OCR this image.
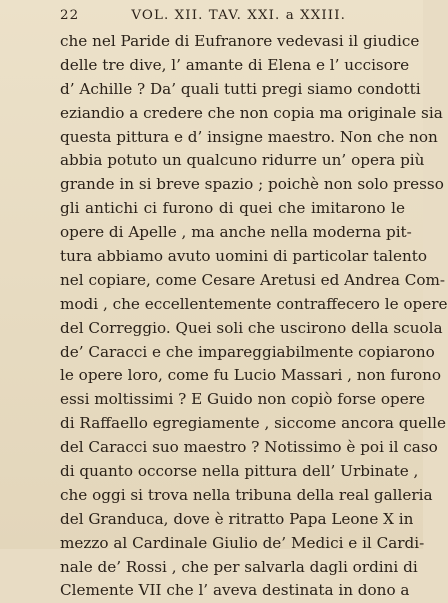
22	VOL. XII. TAV. XXI. a XXIII.
che nel Paride di Eufranore vedevasi il giudice
delle tre dive, l’ amante di Elena e l’ uccisore
d’ Achille ? Da’ quali tutti pregi siamo condotti
eziandio a credere che non copia ma originale sia
questa pittura e d’ insigne maestro. Non che non
abbia potuto un qualcuno ridurre un’ opera più
grande in si breve spazio ; poichè non solo presso
gli antichi ci furono di quei che imitarono le
opere di Apelle , ma anche nella moderna pit-
tura abbiamo avuto uomini di particolar talento
nel copiare, come Cesare Aretusi ed Andrea Com-
modi , che eccellentemente contraffecero le opere
del Correggio. Quei soli che uscirono della scuola
de’ Caracci e che impareggiabilmente copiarono
le opere loro, come fu Lucio Massari , non furono
essi moltissimi ? E Guido non copiò forse opere
di Raffaello egregiamente , siccome ancora quelle
del Caracci suo maestro ? Notissimo è poi il caso
di quanto occorse nella pittura dell’ Urbinate ,
che oggi si trova nella tribuna della real galleria
del Granduca, dove è ritratto Papa Leone X in
mezzo al Cardinale Giulio de’ Medici e il Cardi-
nale de’ Rossi , che per salvarla dagli ordini di
Clemente VII che l’ aveva destinata in dono a
